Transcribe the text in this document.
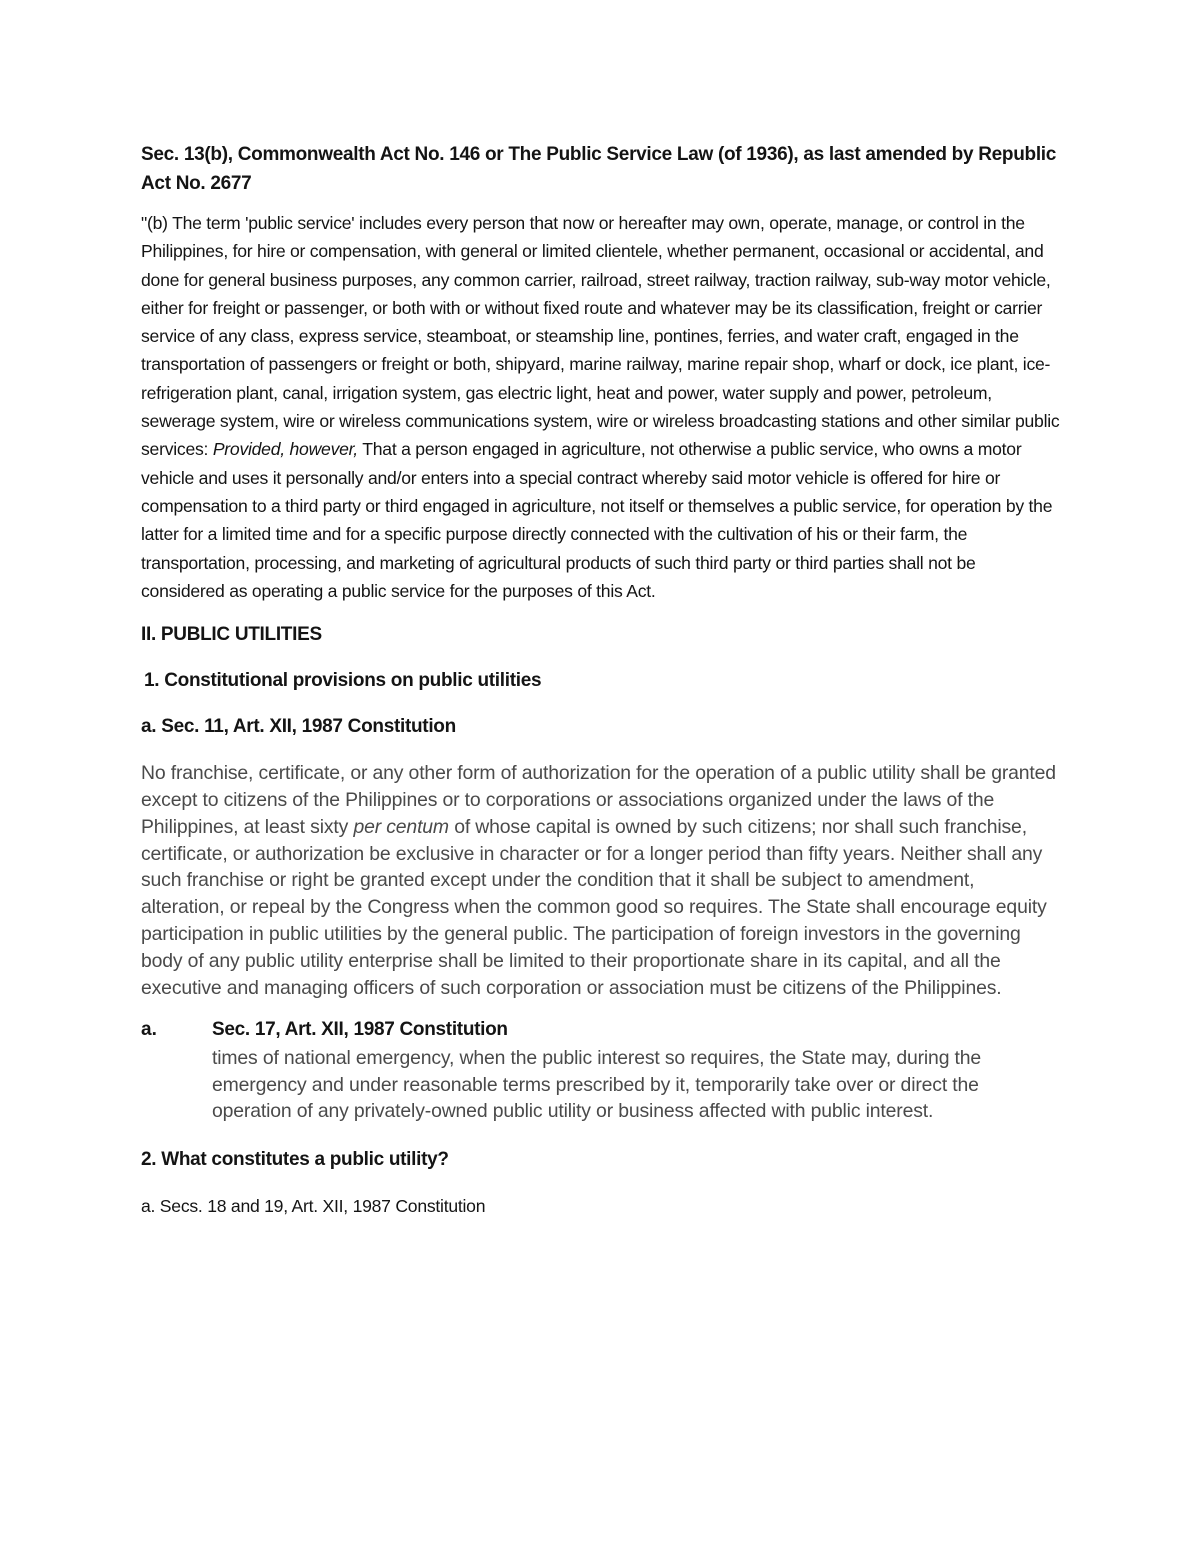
Sec. 13(b), Commonwealth Act No. 146 or The Public Service Law (of 1936), as last amended by Republic Act No. 2677

"(b) The term 'public service' includes every person that now or hereafter may own, operate, manage, or control in the Philippines, for hire or compensation, with general or limited clientele, whether permanent, occasional or accidental, and done for general business purposes, any common carrier, railroad, street railway, traction railway, sub-way motor vehicle, either for freight or passenger, or both with or without fixed route and whatever may be its classification, freight or carrier service of any class, express service, steamboat, or steamship line, pontines, ferries, and water craft, engaged in the transportation of passengers or freight or both, shipyard, marine railway, marine repair shop, wharf or dock, ice plant, ice-refrigeration plant, canal, irrigation system, gas electric light, heat and power, water supply and power, petroleum, sewerage system, wire or wireless communications system, wire or wireless broadcasting stations and other similar public services: Provided, however, That a person engaged in agriculture, not otherwise a public service, who owns a motor vehicle and uses it personally and/or enters into a special contract whereby said motor vehicle is offered for hire or compensation to a third party or third engaged in agriculture, not itself or themselves a public service, for operation by the latter for a limited time and for a specific purpose directly connected with the cultivation of his or their farm, the transportation, processing, and marketing of agricultural products of such third party or third parties shall not be considered as operating a public service for the purposes of this Act.

II. PUBLIC UTILITIES

1. Constitutional provisions on public utilities

a. Sec. 11, Art. XII, 1987 Constitution

No franchise, certificate, or any other form of authorization for the operation of a public utility shall be granted except to citizens of the Philippines or to corporations or associations organized under the laws of the Philippines, at least sixty per centum of whose capital is owned by such citizens; nor shall such franchise, certificate, or authorization be exclusive in character or for a longer period than fifty years. Neither shall any such franchise or right be granted except under the condition that it shall be subject to amendment, alteration, or repeal by the Congress when the common good so requires. The State shall encourage equity participation in public utilities by the general public. The participation of foreign investors in the governing body of any public utility enterprise shall be limited to their proportionate share in its capital, and all the executive and managing officers of such corporation or association must be citizens of the Philippines.

a.	Sec. 17, Art. XII, 1987 Constitution

times of national emergency, when the public interest so requires, the State may, during the emergency and under reasonable terms prescribed by it, temporarily take over or direct the operation of any privately-owned public utility or business affected with public interest.

2. What constitutes a public utility?

a. Secs. 18 and 19, Art. XII, 1987 Constitution
